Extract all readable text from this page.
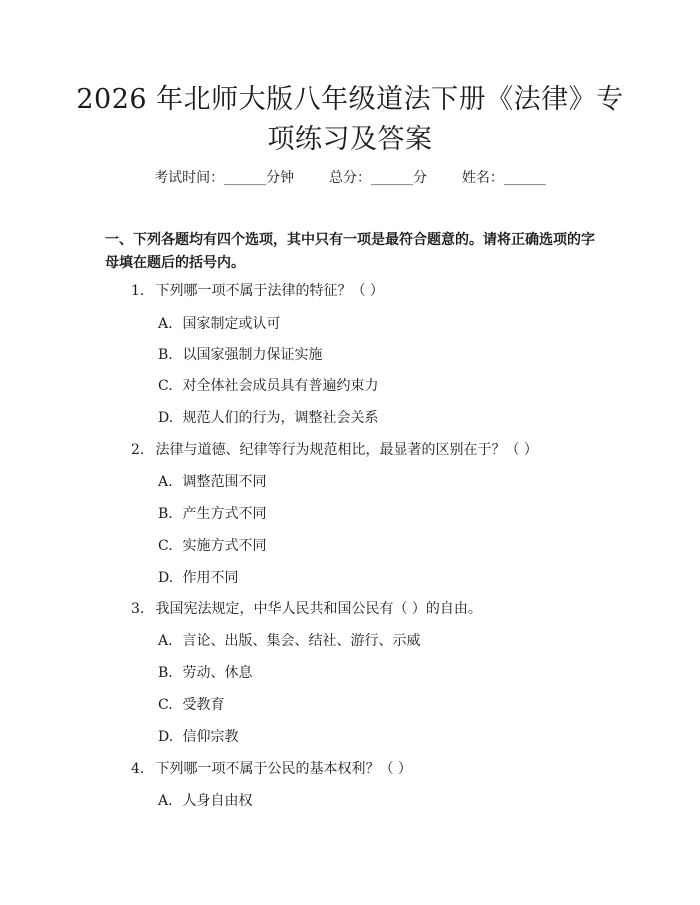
2026 年北师大版八年级道法下册《法律》专项练习及答案
考试时间：______分钟 总分：______分 姓名：______
一、下列各题均有四个选项，其中只有一项是最符合题意的。请将正确选项的字母填在题后的括号内。
1. 下列哪一项不属于法律的特征？（ ）
A. 国家制定或认可
B. 以国家强制力保证实施
C. 对全体社会成员具有普遍约束力
D. 规范人们的行为，调整社会关系
2. 法律与道德、纪律等行为规范相比，最显著的区别在于？（ ）
A. 调整范围不同
B. 产生方式不同
C. 实施方式不同
D. 作用不同
3. 我国宪法规定，中华人民共和国公民有（ ）的自由。
A. 言论、出版、集会、结社、游行、示威
B. 劳动、休息
C. 受教育
D. 信仰宗教
4. 下列哪一项不属于公民的基本权利？（ ）
A. 人身自由权
